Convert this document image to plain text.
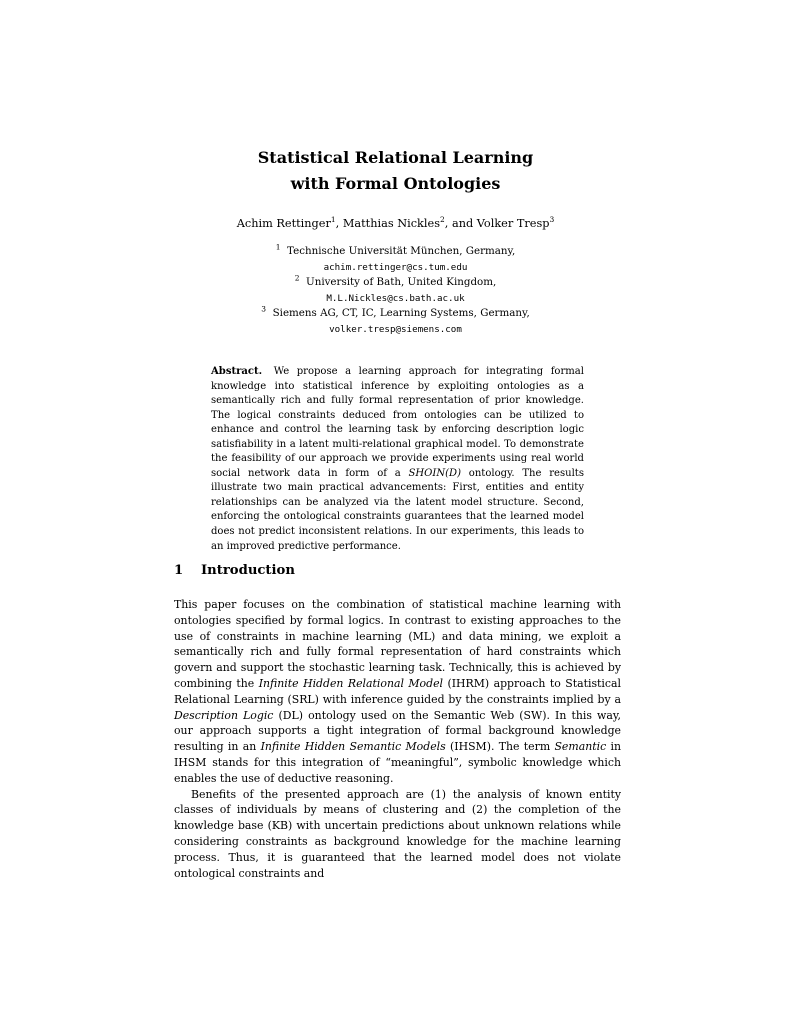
Statistical Relational Learning
with Formal Ontologies
Achim Rettinger$^1$, Matthias Nickles$^2$, and Volker Tresp$^3$
$^1$ Technische Universität München, Germany,
achim.rettinger@cs.tum.edu
$^2$ University of Bath, United Kingdom,
M.L.Nickles@cs.bath.ac.uk
$^3$ Siemens AG, CT, IC, Learning Systems, Germany,
volker.tresp@siemens.com

Abstract. We propose a learning approach for integrating formal knowledge into statistical inference by exploiting ontologies as a semantically rich and fully formal representation of prior knowledge. The logical constraints deduced from ontologies can be utilized to enhance and control the learning task by enforcing description logic satisfiability in a latent multi-relational graphical model. To demonstrate the feasibility of our approach we provide experiments using real world social network data in form of a SHOIN(D) ontology. The results illustrate two main practical advancements: First, entities and entity relationships can be analyzed via the latent model structure. Second, enforcing the ontological constraints guarantees that the learned model does not predict inconsistent relations. In our experiments, this leads to an improved predictive performance.

1 Introduction

This paper focuses on the combination of statistical machine learning with ontologies specified by formal logics. In contrast to existing approaches to the use of constraints in machine learning (ML) and data mining, we exploit a semantically rich and fully formal representation of hard constraints which govern and support the stochastic learning task. Technically, this is achieved by combining the Infinite Hidden Relational Model (IHRM) approach to Statistical Relational Learning (SRL) with inference guided by the constraints implied by a Description Logic (DL) ontology used on the Semantic Web (SW). In this way, our approach supports a tight integration of formal background knowledge resulting in an Infinite Hidden Semantic Models (IHSM). The term Semantic in IHSM stands for this integration of “meaningful”, symbolic knowledge which enables the use of deductive reasoning.

Benefits of the presented approach are (1) the analysis of known entity classes of individuals by means of clustering and (2) the completion of the knowledge base (KB) with uncertain predictions about unknown relations while considering constraints as background knowledge for the machine learning process. Thus, it is guaranteed that the learned model does not violate ontological constraints and
